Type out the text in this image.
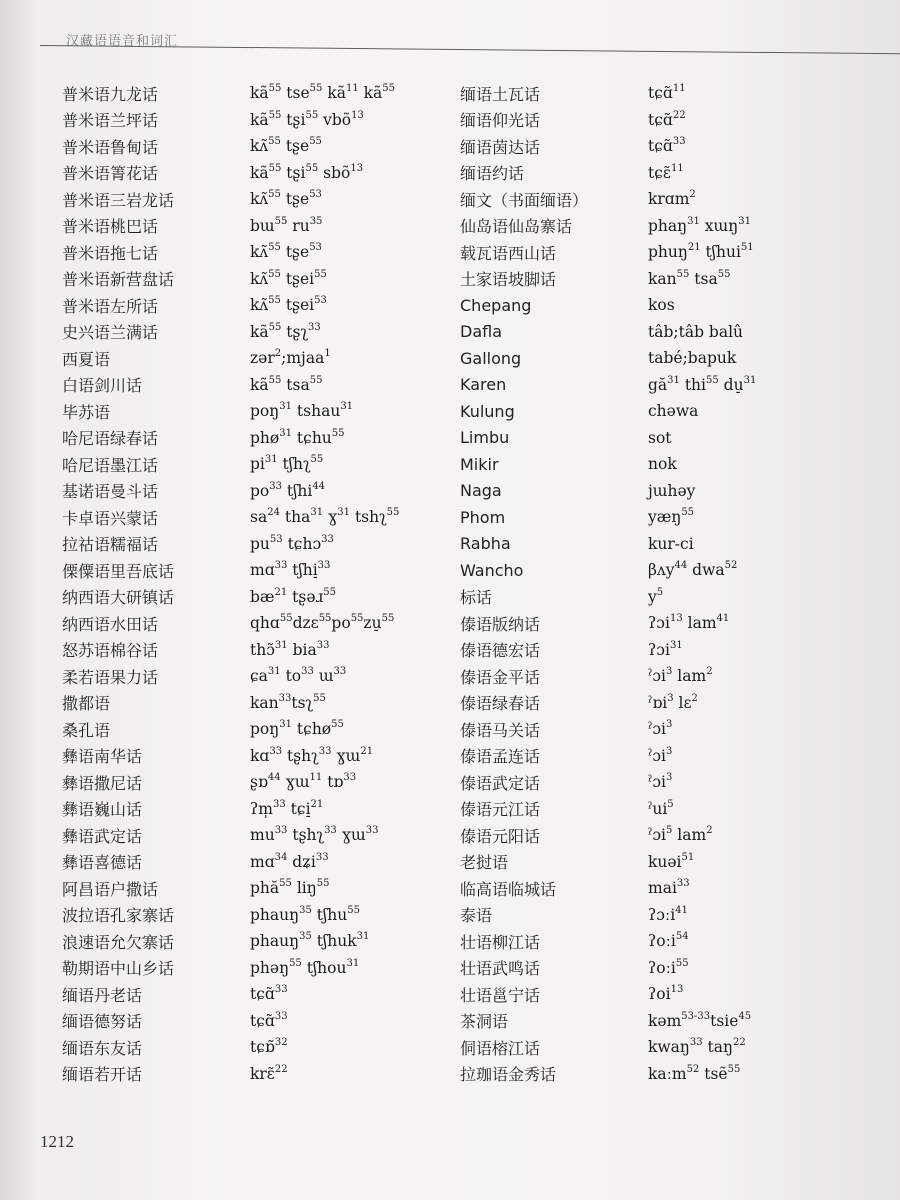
汉藏语语音和词汇
普米语九龙话	$kã^{55}$ tse$^{55}$ $kã^{11}$ $kã^{55}$
普米语兰坪话	$kã^{55}$ tʂi$^{55}$ vbõ$^{13}$
普米语鲁甸话	kʌ̃$^{55}$ tʂe$^{55}$
普米语箐花话	$kã^{55}$ tʂi$^{55}$ sbõ$^{13}$
普米语三岩龙话	kʌ̃$^{55}$ tʂe$^{53}$
普米语桃巴话	bɯ$^{55}$ $ru^{35}$
普米语拖七话	kʌ̃$^{55}$ tʂe$^{53}$
普米语新营盘话	kʌ̃$^{55}$ tʂei$^{55}$
普米语左所话	kʌ̃$^{55}$ tʂei$^{53}$
史兴语兰满话	$kã^{55}$ tʂʅ$^{33}$
西夏语	zər$^2$;mjaa$^1$
白语剑川话	$kã^{55}$ tsa$^{55}$
毕苏语	poŋ$^{31}$ tshau$^{31}$
哈尼语绿春话	phø$^{31}$ tɕhu$^{55}$
哈尼语墨江话	$pi^{31}$ tʃhʅ$^{55}$
基诺语曼斗话	$po^{33}$ tʃhi$^{44}$
卡卓语兴蒙话	$sa^{24}$ tha$^{31}$ ɣ$^{31}$ tshʅ$^{55}$
拉祜语糯福话	$pu^{53}$ tɕhɔ$^{33}$
傈僳语里吾底话	mɑ$^{33}$ tʃhi̠$^{33}$
纳西语大研镇话	$bæ^{21}$ tʂəɹ$^{55}$
纳西语水田话	$qhɑ^{55}dzɛ^{55}po^{55}zu̠^{55}$
怒苏语棉谷话	thɔ̃$^{31}$ bia$^{33}$
柔若语果力话	ɕa$^{31}$ $to^{33}$ ɯ$^{33}$
撒都语	kan$^{33}$tsʅ$^{55}$
桑孔语	poŋ$^{31}$ tɕhø$^{55}$
彝语南华话	kɑ$^{33}$ tʂhʅ$^{33}$ ɣɯ$^{21}$
彝语撒尼话	ʂɒ$^{44}$ ɣɯ$^{11}$ tɒ$^{33}$
彝语巍山话	ʔm̩$^{33}$ tɕi̠$^{21}$
彝语武定话	$mu^{33}$ tʂhʅ$^{33}$ ɣɯ$^{33}$
彝语喜德话	mɑ$^{34}$ dʑi$^{33}$
阿昌语户撒话	phă$^{55}$ liŋ$^{55}$
波拉语孔家寨话	phauŋ$^{35}$ tʃhu$^{55}$
浪速语允欠寨话	phauŋ$^{35}$ tʃhuk$^{31}$
勒期语中山乡话	phəŋ$^{55}$ tʃhou$^{31}$
缅语丹老话	tɕɑ̃$^{33}$
缅语德努话	tɕɑ̃$^{33}$
缅语东友话	tɕɒ̃$^{32}$
缅语若开话	krɛ̃$^{22}$
缅语土瓦话	tɕɑ̃$^{11}$
缅语仰光话	tɕɑ̃$^{22}$
缅语茵达话	tɕɑ̃$^{33}$
缅语约话	tɕɛ̃$^{11}$
缅文（书面缅语）	krɑm$^2$
仙岛语仙岛寨话	phaŋ$^{31}$ xɯŋ$^{31}$
载瓦语西山话	phuŋ$^{21}$ tʃhui$^{51}$
土家语坡脚话	kan$^{55}$ tsa$^{55}$
Chepang	kos
Dafla	tâb;tâb balû
Gallong	tabé;bapuk
Karen	$gă^{31}$ thi$^{55}$ du̠$^{31}$
Kulung	chəwa
Limbu	sot
Mikir	nok
Naga	jɯhəy
Phom	yæŋ$^{55}$
Rabha	kur-ci
Wancho	βʌy$^{44}$ dwa$^{52}$
标话	$y^5$
傣语版纳话	ʔɔi$^{13}$ lam$^{41}$
傣语德宏话	ʔɔi$^{31}$
傣语金平话	ˀɔi$^3$ lam$^2$
傣语绿春话	ˀɒi$^3$ lɛ$^2$
傣语马关话	ˀɔi$^3$
傣语孟连话	ˀɔi$^3$
傣语武定话	ˀɔi$^3$
傣语元江话	ˀui$^5$
傣语元阳话	ˀɔi$^5$ lam$^2$
老挝语	kuəi$^{51}$
临高语临城话	mai$^{33}$
泰语	ʔɔːi$^{41}$
壮语柳江话	ʔoːi$^{54}$
壮语武鸣话	ʔoːi$^{55}$
壮语邕宁话	ʔoi$^{13}$
茶洞语	kəm$^{53-33}$tsie$^{45}$
侗语榕江话	kwaŋ$^{33}$ taŋ$^{22}$
拉珈语金秀话	kaːm$^{52}$ tsẽ$^{55}$
1212
